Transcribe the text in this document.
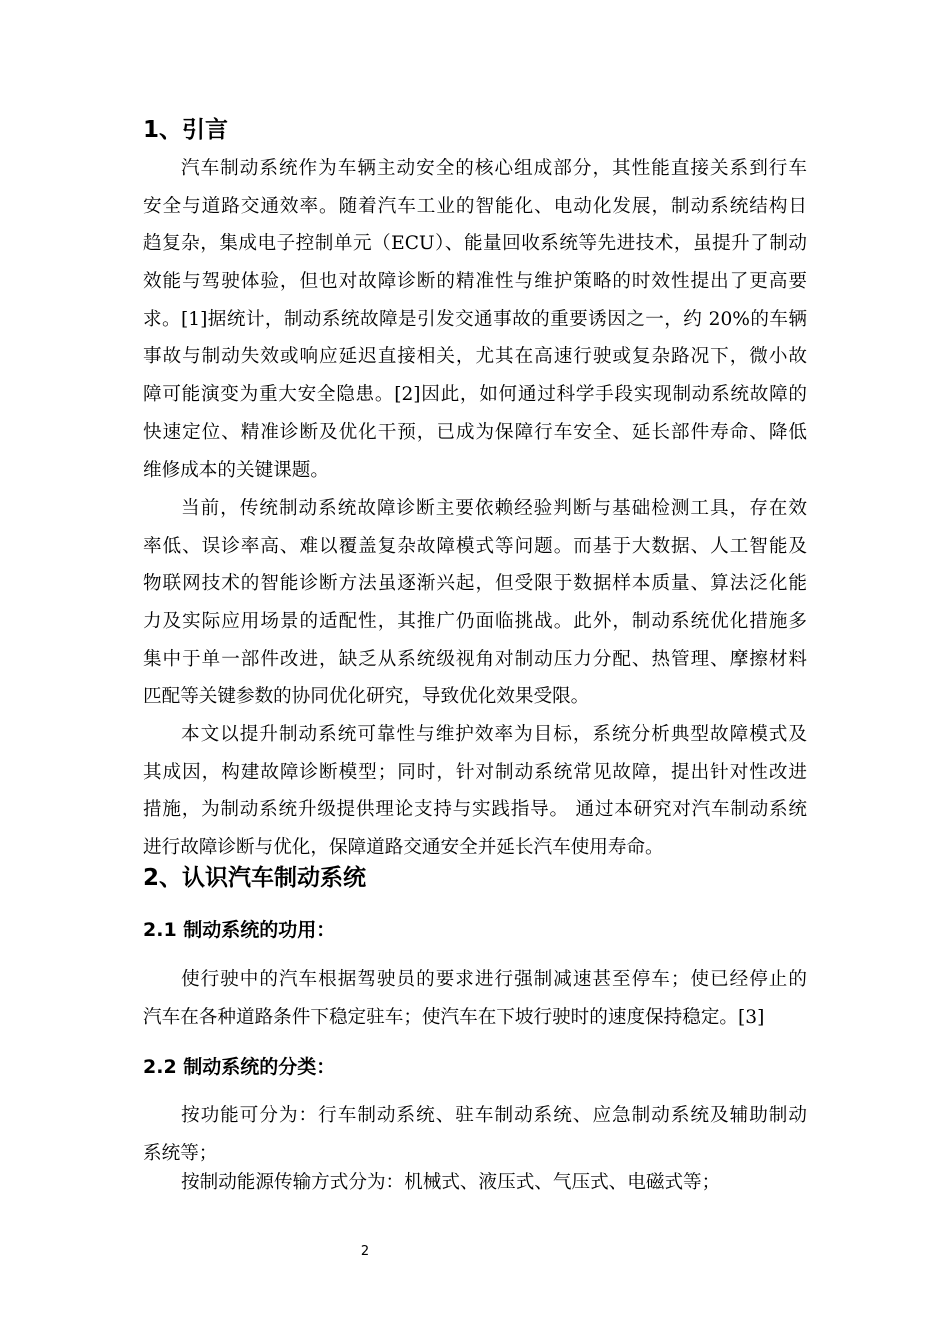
1、引言
汽车制动系统作为车辆主动安全的核心组成部分，其性能直接关系到行车
安全与道路交通效率。随着汽车工业的智能化、电动化发展，制动系统结构日
趋复杂，集成电子控制单元（ECU）、能量回收系统等先进技术，虽提升了制动
效能与驾驶体验，但也对故障诊断的精准性与维护策略的时效性提出了更高要
求。[1]据统计，制动系统故障是引发交通事故的重要诱因之一，约 20%的车辆
事故与制动失效或响应延迟直接相关，尤其在高速行驶或复杂路况下，微小故
障可能演变为重大安全隐患。[2]因此，如何通过科学手段实现制动系统故障的
快速定位、精准诊断及优化干预，已成为保障行车安全、延长部件寿命、降低
维修成本的关键课题。
当前，传统制动系统故障诊断主要依赖经验判断与基础检测工具，存在效
率低、误诊率高、难以覆盖复杂故障模式等问题。而基于大数据、人工智能及
物联网技术的智能诊断方法虽逐渐兴起，但受限于数据样本质量、算法泛化能
力及实际应用场景的适配性，其推广仍面临挑战。此外，制动系统优化措施多
集中于单一部件改进，缺乏从系统级视角对制动压力分配、热管理、摩擦材料
匹配等关键参数的协同优化研究，导致优化效果受限。
本文以提升制动系统可靠性与维护效率为目标，系统分析典型故障模式及
其成因，构建故障诊断模型；同时，针对制动系统常见故障，提出针对性改进
措施，为制动系统升级提供理论支持与实践指导。 通过本研究对汽车制动系统
进行故障诊断与优化，保障道路交通安全并延长汽车使用寿命。
2、认识汽车制动系统
2.1 制动系统的功用：
使行驶中的汽车根据驾驶员的要求进行强制减速甚至停车；使已经停止的
汽车在各种道路条件下稳定驻车；使汽车在下坡行驶时的速度保持稳定。[3]
2.2 制动系统的分类：
按功能可分为：行车制动系统、驻车制动系统、应急制动系统及辅助制动
系统等；
按制动能源传输方式分为：机械式、液压式、气压式、电磁式等；
2
